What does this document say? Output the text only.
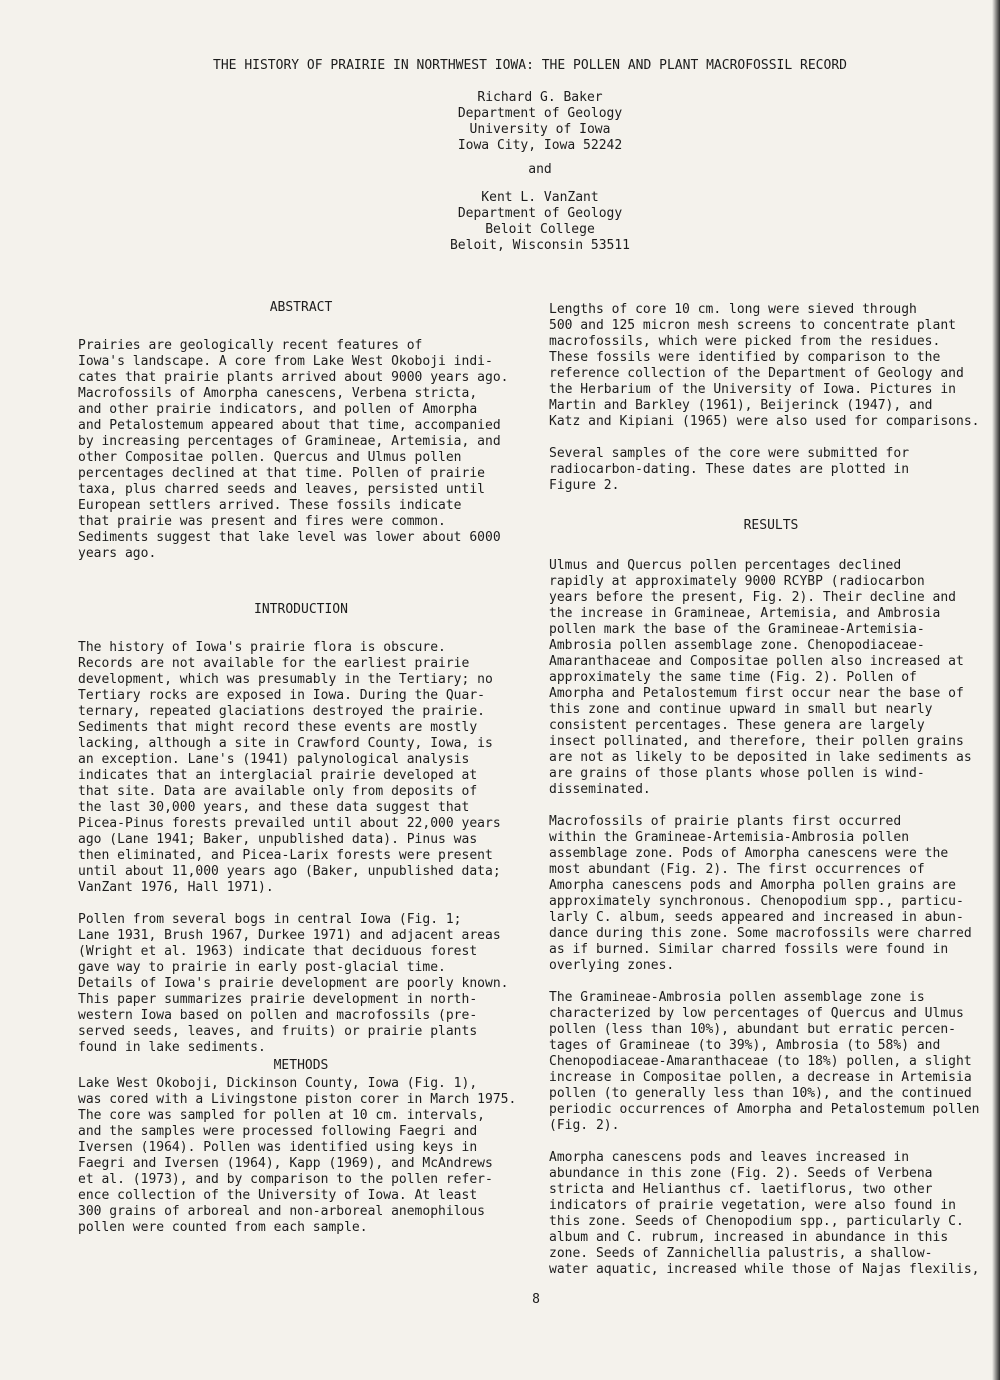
THE HISTORY OF PRAIRIE IN NORTHWEST IOWA: THE POLLEN AND PLANT MACROFOSSIL RECORD
Richard G. Baker
Department of Geology
University of Iowa
Iowa City, Iowa 52242
and
Kent L. VanZant
Department of Geology
Beloit College
Beloit, Wisconsin 53511
ABSTRACT

Prairies are geologically recent features of
Iowa's landscape. A core from Lake West Okoboji indi-
cates that prairie plants arrived about 9000 years ago.
Macrofossils of Amorpha canescens, Verbena stricta,
and other prairie indicators, and pollen of Amorpha
and Petalostemum appeared about that time, accompanied
by increasing percentages of Gramineae, Artemisia, and
other Compositae pollen. Quercus and Ulmus pollen
percentages declined at that time. Pollen of prairie
taxa, plus charred seeds and leaves, persisted until
European settlers arrived. These fossils indicate
that prairie was present and fires were common.
Sediments suggest that lake level was lower about 6000
years ago.

INTRODUCTION

The history of Iowa's prairie flora is obscure.
Records are not available for the earliest prairie
development, which was presumably in the Tertiary; no
Tertiary rocks are exposed in Iowa. During the Quar-
ternary, repeated glaciations destroyed the prairie.
Sediments that might record these events are mostly
lacking, although a site in Crawford County, Iowa, is
an exception. Lane's (1941) palynological analysis
indicates that an interglacial prairie developed at
that site. Data are available only from deposits of
the last 30,000 years, and these data suggest that
Picea-Pinus forests prevailed until about 22,000 years
ago (Lane 1941; Baker, unpublished data). Pinus was
then eliminated, and Picea-Larix forests were present
until about 11,000 years ago (Baker, unpublished data;
VanZant 1976, Hall 1971).

Pollen from several bogs in central Iowa (Fig. 1;
Lane 1931, Brush 1967, Durkee 1971) and adjacent areas
(Wright et al. 1963) indicate that deciduous forest
gave way to prairie in early post-glacial time.
Details of Iowa's prairie development are poorly known.
This paper summarizes prairie development in north-
western Iowa based on pollen and macrofossils (pre-
served seeds, leaves, and fruits) or prairie plants
found in lake sediments.

METHODS

Lake West Okoboji, Dickinson County, Iowa (Fig. 1),
was cored with a Livingstone piston corer in March 1975.
The core was sampled for pollen at 10 cm. intervals,
and the samples were processed following Faegri and
Iversen (1964). Pollen was identified using keys in
Faegri and Iversen (1964), Kapp (1969), and McAndrews
et al. (1973), and by comparison to the pollen refer-
ence collection of the University of Iowa. At least
300 grains of arboreal and non-arboreal anemophilous
pollen were counted from each sample.

Lengths of core 10 cm. long were sieved through
500 and 125 micron mesh screens to concentrate plant
macrofossils, which were picked from the residues.
These fossils were identified by comparison to the
reference collection of the Department of Geology and
the Herbarium of the University of Iowa. Pictures in
Martin and Barkley (1961), Beijerinck (1947), and
Katz and Kipiani (1965) were also used for comparisons.

Several samples of the core were submitted for
radiocarbon-dating. These dates are plotted in
Figure 2.

RESULTS

Ulmus and Quercus pollen percentages declined
rapidly at approximately 9000 RCYBP (radiocarbon
years before the present, Fig. 2). Their decline and
the increase in Gramineae, Artemisia, and Ambrosia
pollen mark the base of the Gramineae-Artemisia-
Ambrosia pollen assemblage zone. Chenopodiaceae-
Amaranthaceae and Compositae pollen also increased at
approximately the same time (Fig. 2). Pollen of
Amorpha and Petalostemum first occur near the base of
this zone and continue upward in small but nearly
consistent percentages. These genera are largely
insect pollinated, and therefore, their pollen grains
are not as likely to be deposited in lake sediments as
are grains of those plants whose pollen is wind-
disseminated.

Macrofossils of prairie plants first occurred
within the Gramineae-Artemisia-Ambrosia pollen
assemblage zone. Pods of Amorpha canescens were the
most abundant (Fig. 2). The first occurrences of
Amorpha canescens pods and Amorpha pollen grains are
approximately synchronous. Chenopodium spp., particu-
larly C. album, seeds appeared and increased in abun-
dance during this zone. Some macrofossils were charred
as if burned. Similar charred fossils were found in
overlying zones.

The Gramineae-Ambrosia pollen assemblage zone is
characterized by low percentages of Quercus and Ulmus
pollen (less than 10%), abundant but erratic percen-
tages of Gramineae (to 39%), Ambrosia (to 58%) and
Chenopodiaceae-Amaranthaceae (to 18%) pollen, a slight
increase in Compositae pollen, a decrease in Artemisia
pollen (to generally less than 10%), and the continued
periodic occurrences of Amorpha and Petalostemum pollen
(Fig. 2).

Amorpha canescens pods and leaves increased in
abundance in this zone (Fig. 2). Seeds of Verbena
stricta and Helianthus cf. laetiflorus, two other
indicators of prairie vegetation, were also found in
this zone. Seeds of Chenopodium spp., particularly C.
album and C. rubrum, increased in abundance in this
zone. Seeds of Zannichellia palustris, a shallow-
water aquatic, increased while those of Najas flexilis,

8
